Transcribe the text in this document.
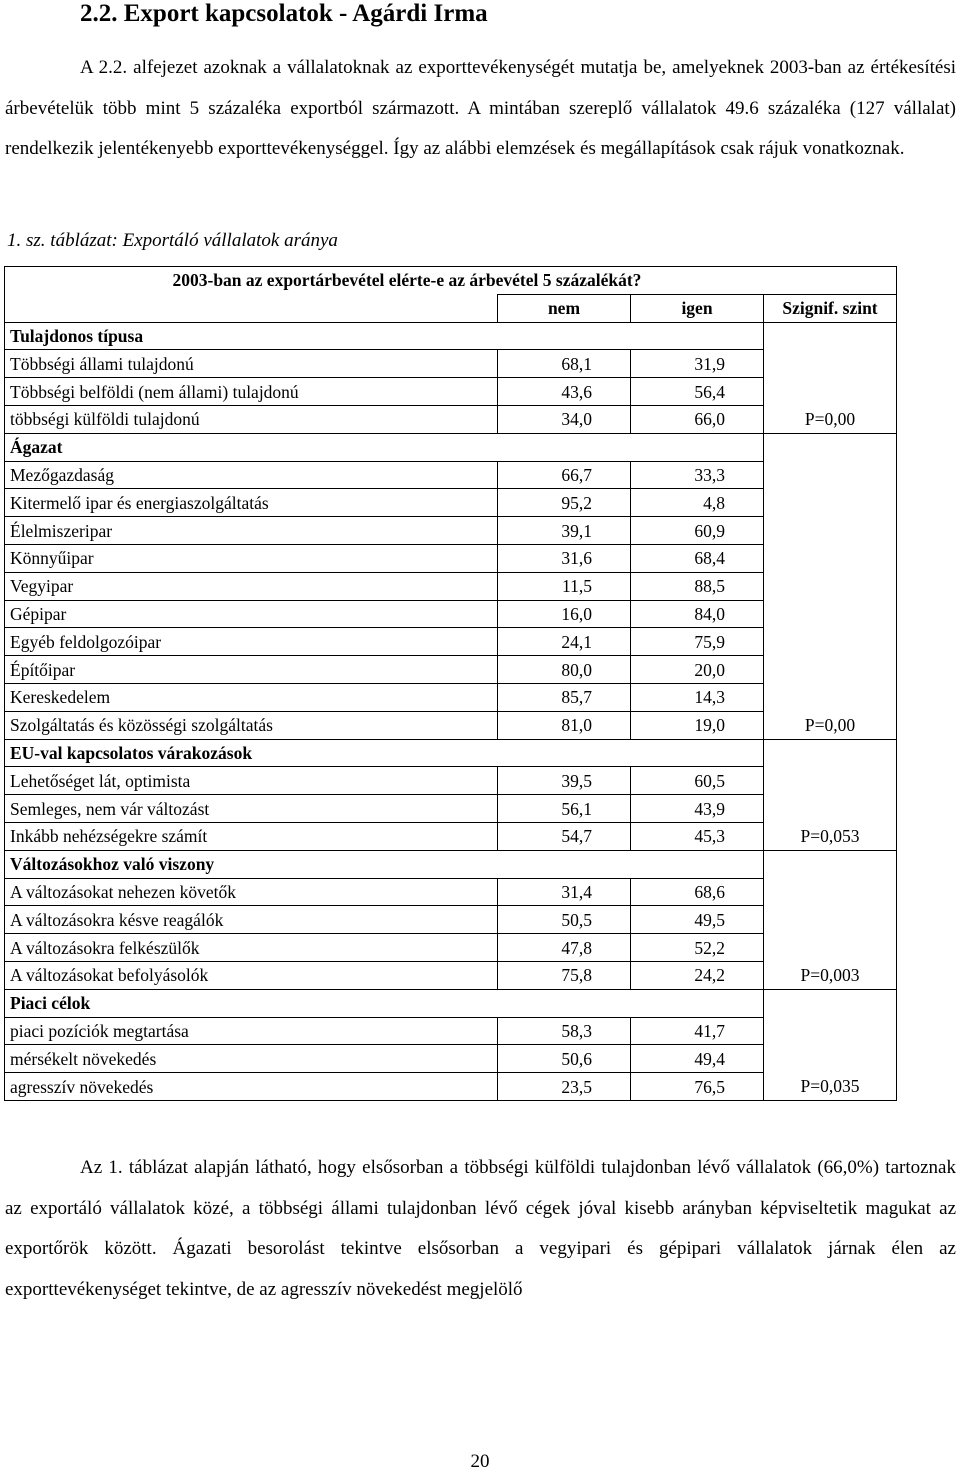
2.2. Export kapcsolatok - Agárdi Irma

A 2.2. alfejezet azoknak a vállalatoknak az exporttevékenységét mutatja be, amelyeknek 2003-ban az értékesítési árbevételük több mint 5 százaléka exportból származott. A mintában szereplő vállalatok 49.6 százaléka (127 vállalat) rendelkezik jelentékenyebb exporttevékenységgel. Így az alábbi elemzések és megállapítások csak rájuk vonatkoznak.

1. sz. táblázat: Exportáló vállalatok aránya

	2003-ban az exportárbevétel elérte-e az árbevétel 5 százalékát?		
	nem	igen	Szignif. szint
Tulajdonos típusa			
Többségi állami tulajdonú	68,1	31,9	
Többségi belföldi (nem állami) tulajdonú	43,6	56,4	
többségi külföldi tulajdonú	34,0	66,0	P=0,00
Ágazat			
Mezőgazdaság	66,7	33,3	
Kitermelő ipar és energiaszolgáltatás	95,2	4,8	
Élelmiszeripar	39,1	60,9	
Könnyűipar	31,6	68,4	
Vegyipar	11,5	88,5	
Gépipar	16,0	84,0	
Egyéb feldolgozóipar	24,1	75,9	
Építőipar	80,0	20,0	
Kereskedelem	85,7	14,3	
Szolgáltatás és közösségi szolgáltatás	81,0	19,0	P=0,00
EU-val kapcsolatos várakozások			
Lehetőséget lát, optimista	39,5	60,5	
Semleges, nem vár változást	56,1	43,9	
Inkább nehézségekre számít	54,7	45,3	P=0,053
Változásokhoz való viszony			
A változásokat nehezen követők	31,4	68,6	
A változásokra késve reagálók	50,5	49,5	
A változásokra felkészülők	47,8	52,2	
A változásokat befolyásolók	75,8	24,2	P=0,003
Piaci célok			
piaci pozíciók megtartása	58,3	41,7	
mérsékelt növekedés	50,6	49,4	
agresszív növekedés	23,5	76,5	P=0,035

Az 1. táblázat alapján látható, hogy elsősorban a többségi külföldi tulajdonban lévő vállalatok (66,0%) tartoznak az exportáló vállalatok közé, a többségi állami tulajdonban lévő cégek jóval kisebb arányban képviseltetik magukat az exportőrök között. Ágazati besorolást tekintve elsősorban a vegyipari és gépipari vállalatok járnak élen az exporttevékenységet tekintve, de az agresszív növekedést megjelölő

20
